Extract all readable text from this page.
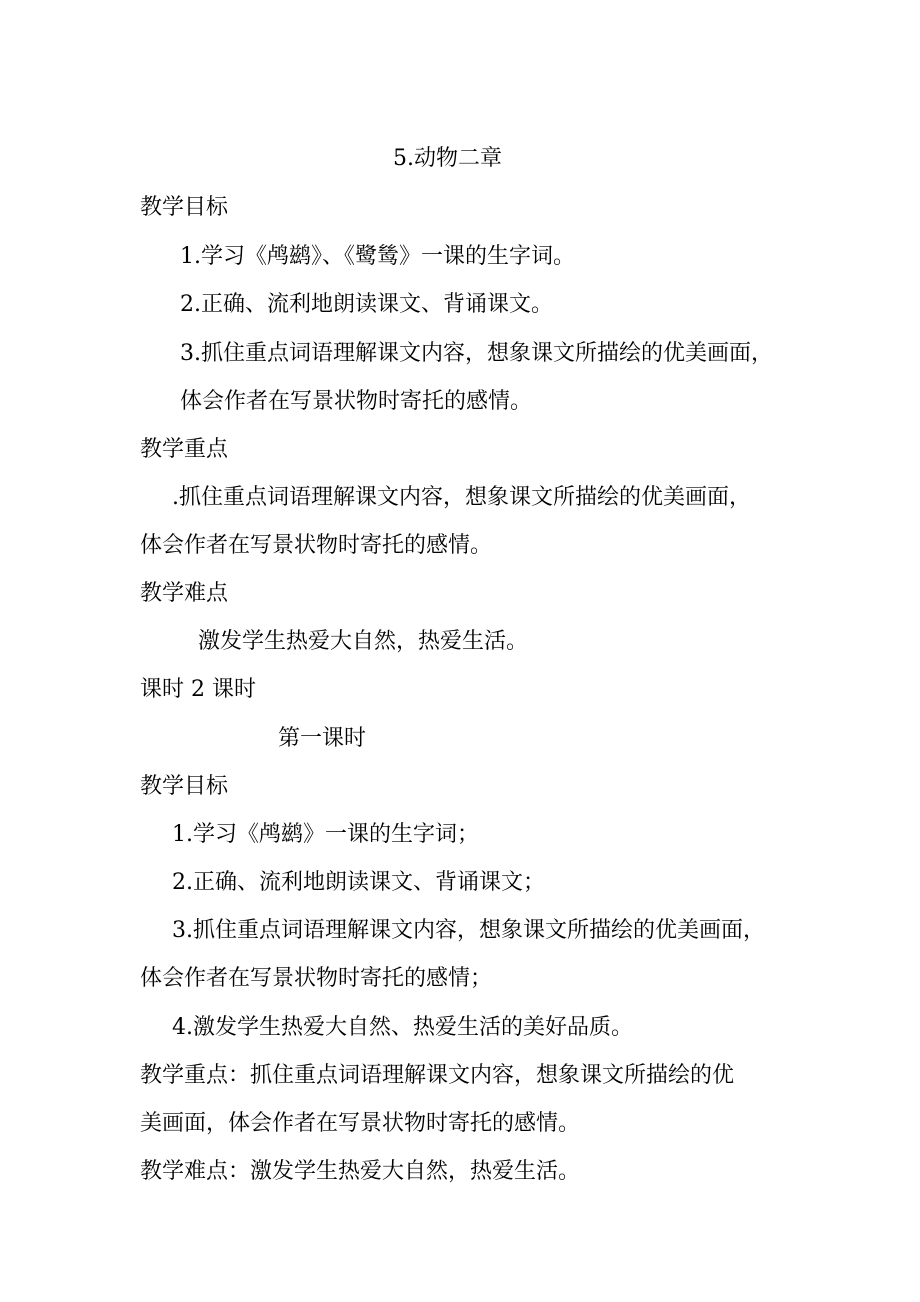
5.动物二章
教学目标
1.学习《鸬鹚》、《鹭鸶》一课的生字词。
2.正确、流利地朗读课文、背诵课文。
3.抓住重点词语理解课文内容，想象课文所描绘的优美画面，
体会作者在写景状物时寄托的感情。
教学重点
.抓住重点词语理解课文内容，想象课文所描绘的优美画面，
体会作者在写景状物时寄托的感情。
教学难点
激发学生热爱大自然，热爱生活。
课时 2 课时
第一课时
教学目标
1.学习《鸬鹚》一课的生字词；
2.正确、流利地朗读课文、背诵课文；
3.抓住重点词语理解课文内容，想象课文所描绘的优美画面，
体会作者在写景状物时寄托的感情；
4.激发学生热爱大自然、热爱生活的美好品质。
教学重点：抓住重点词语理解课文内容，想象课文所描绘的优
美画面，体会作者在写景状物时寄托的感情。
教学难点：激发学生热爱大自然，热爱生活。
